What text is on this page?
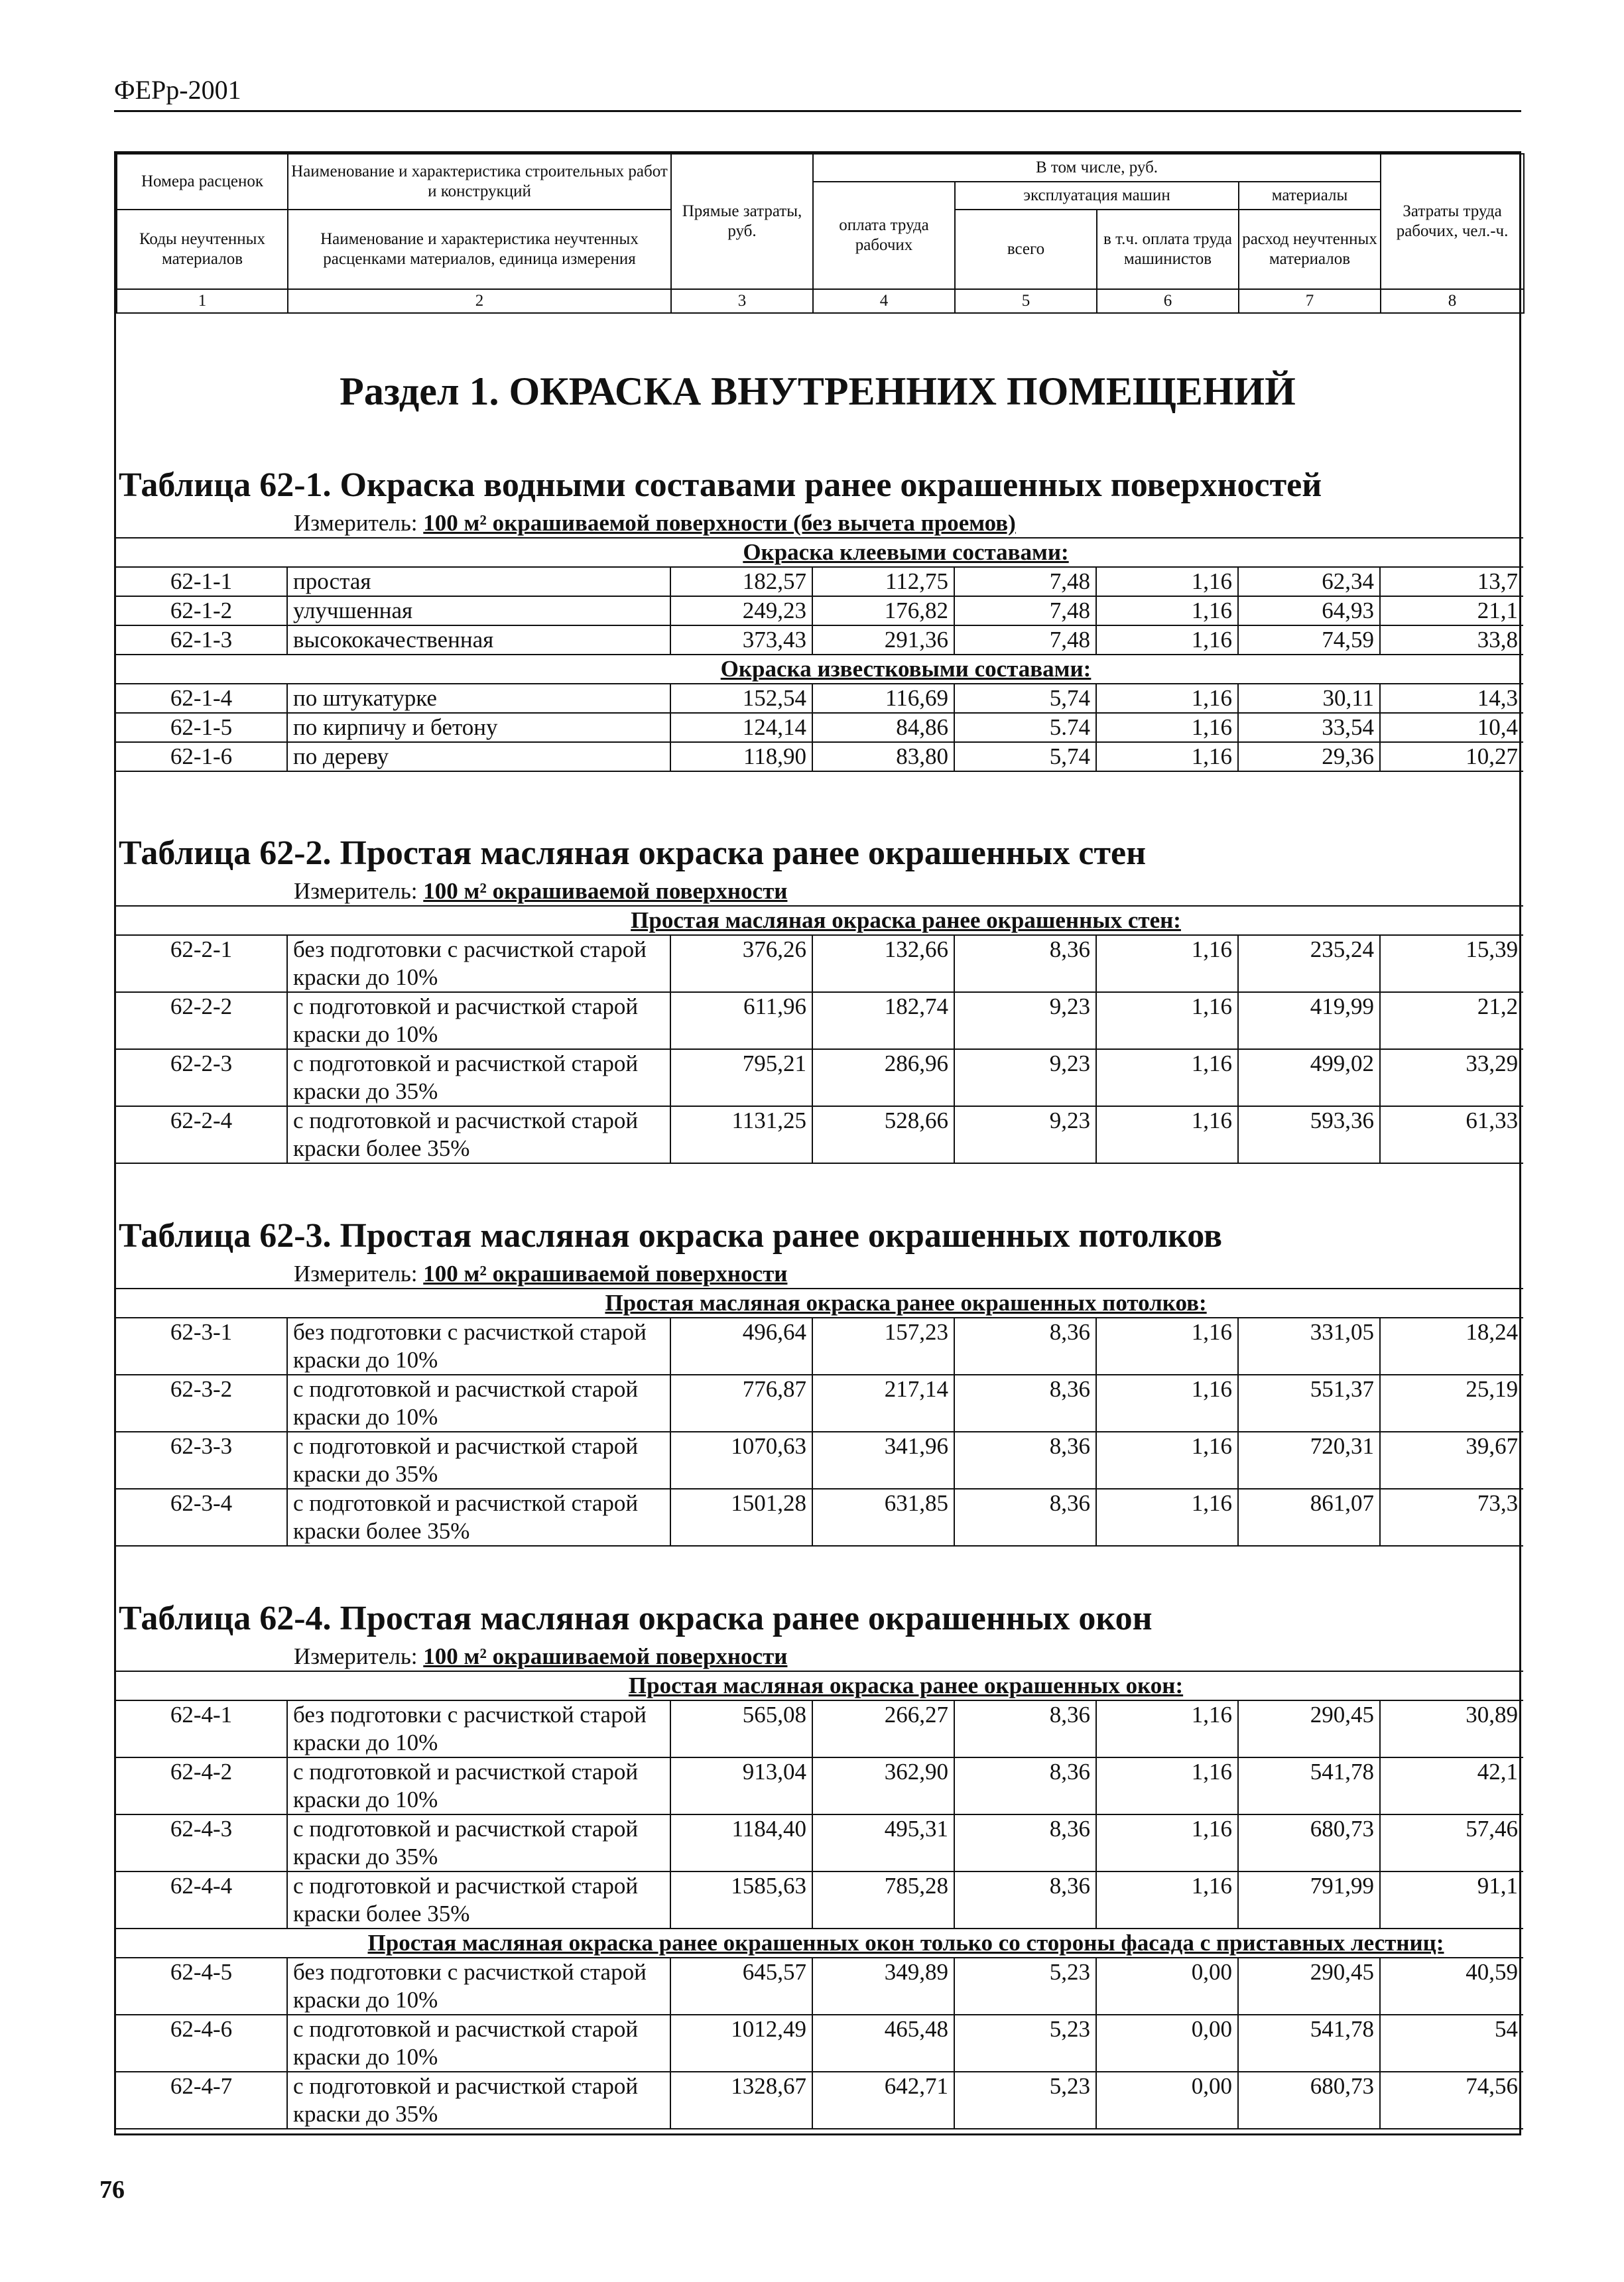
ФЕРр-2001
Номера расценок	Наименование и характеристика строительных работ и конструкций	Прямые затраты, руб.	В том числе, руб.				Затраты труда рабочих, чел.-ч.
			оплата труда рабочих	эксплуатация машин		материалы	
Коды неучтенных материалов	Наименование и характеристика неучтенных расценками материалов, единица измерения			всего	в т.ч. оплата труда машинистов	расход неучтенных материалов	

1	2	3	4	5	6	7	8
Раздел 1. ОКРАСКА ВНУТРЕННИХ ПОМЕЩЕНИЙ
Таблица 62-1. Окраска водными составами ранее окрашенных поверхностей
Измеритель: 100 м² окрашиваемой поверхности (без вычета проемов)
Окраска клеевыми составами:							
62-1-1	простая	182,57	112,75	7,48	1,16	62,34	13,7
62-1-2	улучшенная	249,23	176,82	7,48	1,16	64,93	21,1
62-1-3	высококачественная	373,43	291,36	7,48	1,16	74,59	33,8
Окраска известковыми составами:							
62-1-4	по штукатурке	152,54	116,69	5,74	1,16	30,11	14,3
62-1-5	по кирпичу и бетону	124,14	84,86	5.74	1,16	33,54	10,4
62-1-6	по дереву	118,90	83,80	5,74	1,16	29,36	10,27
Таблица 62-2. Простая масляная окраска ранее окрашенных стен
Измеритель: 100 м² окрашиваемой поверхности
Простая масляная окраска ранее окрашенных стен:							
62-2-1	без подготовки с расчисткой старой краски до 10%	376,26	132,66	8,36	1,16	235,24	15,39
62-2-2	с подготовкой и расчисткой старой краски до 10%	611,96	182,74	9,23	1,16	419,99	21,2
62-2-3	с подготовкой и расчисткой старой краски до 35%	795,21	286,96	9,23	1,16	499,02	33,29
62-2-4	с подготовкой и расчисткой старой краски более 35%	1131,25	528,66	9,23	1,16	593,36	61,33
Таблица 62-3. Простая масляная окраска ранее окрашенных потолков
Измеритель: 100 м² окрашиваемой поверхности
Простая масляная окраска ранее окрашенных потолков:							
62-3-1	без подготовки с расчисткой старой краски до 10%	496,64	157,23	8,36	1,16	331,05	18,24
62-3-2	с подготовкой и расчисткой старой краски до 10%	776,87	217,14	8,36	1,16	551,37	25,19
62-3-3	с подготовкой и расчисткой старой краски до 35%	1070,63	341,96	8,36	1,16	720,31	39,67
62-3-4	с подготовкой и расчисткой старой краски более 35%	1501,28	631,85	8,36	1,16	861,07	73,3
Таблица 62-4. Простая масляная окраска ранее окрашенных окон
Измеритель: 100 м² окрашиваемой поверхности
Простая масляная окраска ранее окрашенных окон:							
62-4-1	без подготовки с расчисткой старой краски до 10%	565,08	266,27	8,36	1,16	290,45	30,89
62-4-2	с подготовкой и расчисткой старой краски до 10%	913,04	362,90	8,36	1,16	541,78	42,1
62-4-3	с подготовкой и расчисткой старой краски до 35%	1184,40	495,31	8,36	1,16	680,73	57,46
62-4-4	с подготовкой и расчисткой старой краски более 35%	1585,63	785,28	8,36	1,16	791,99	91,1
Простая масляная окраска ранее окрашенных окон только со стороны фасада с приставных лестниц:							
62-4-5	без подготовки с расчисткой старой краски до 10%	645,57	349,89	5,23	0,00	290,45	40,59
62-4-6	с подготовкой и расчисткой старой краски до 10%	1012,49	465,48	5,23	0,00	541,78	54
62-4-7	с подготовкой и расчисткой старой краски до 35%	1328,67	642,71	5,23	0,00	680,73	74,56
76
